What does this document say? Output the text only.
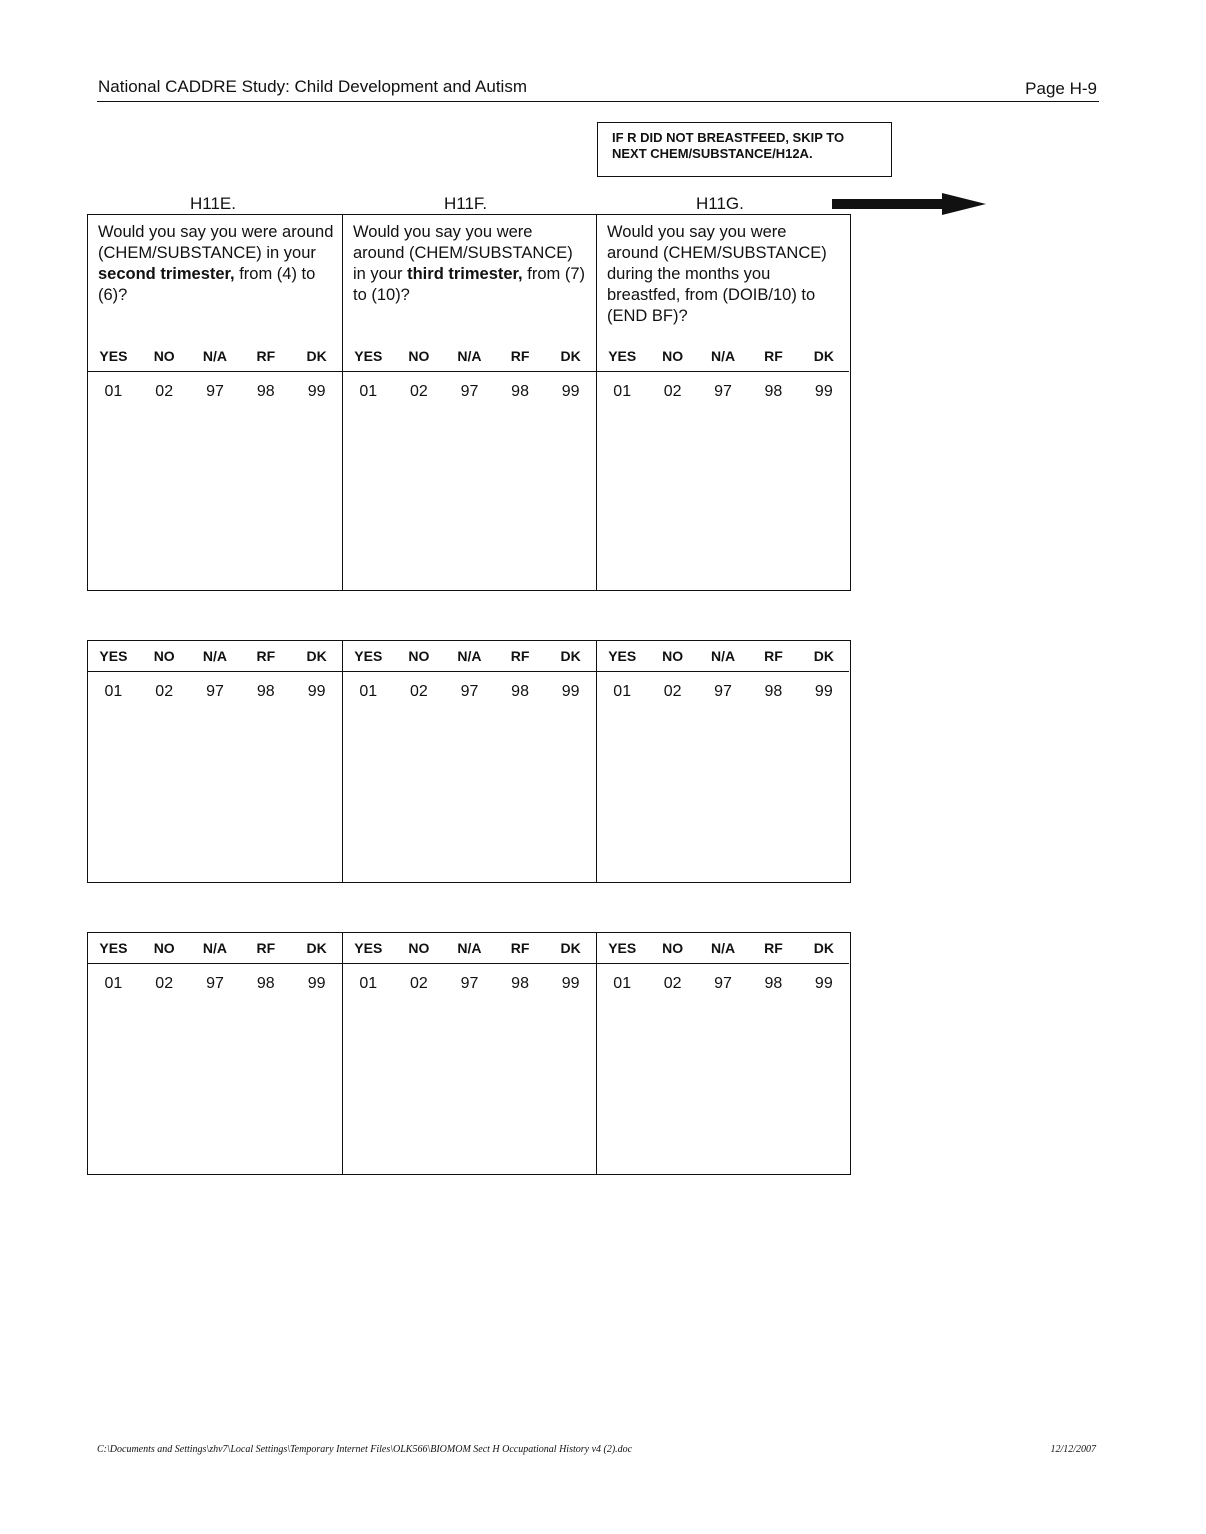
National CADDRE Study: Child Development and Autism	Page H-9
IF R DID NOT BREASTFEED, SKIP TO
NEXT CHEM/SUBSTANCE/H12A.
H11E.	H11F.	H11G.
Would you say you were around (CHEM/SUBSTANCE) in your second trimester, from (4) to (6)?
YES	NO	N/A	RF	DK
01	02	97	98	99
Would you say you were around (CHEM/SUBSTANCE) in your third trimester, from (7) to (10)?
YES	NO	N/A	RF	DK
01	02	97	98	99
Would you say you were around (CHEM/SUBSTANCE) during the months you breastfed, from (DOIB/10) to (END BF)?
YES	NO	N/A	RF	DK
01	02	97	98	99
YES	NO	N/A	RF	DK
01	02	97	98	99
YES	NO	N/A	RF	DK
01	02	97	98	99
YES	NO	N/A	RF	DK
01	02	97	98	99
YES	NO	N/A	RF	DK
01	02	97	98	99
YES	NO	N/A	RF	DK
01	02	97	98	99
YES	NO	N/A	RF	DK
01	02	97	98	99
C:\Documents and Settings\zhv7\Local Settings\Temporary Internet Files\OLK566\BIOMOM Sect H Occupational History v4 (2).doc	12/12/2007
